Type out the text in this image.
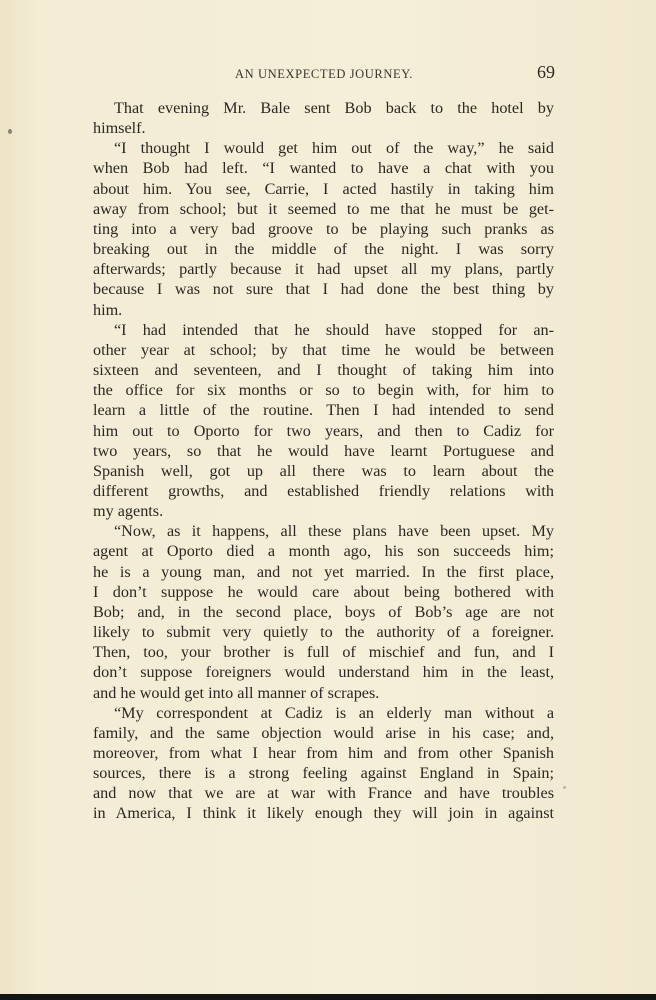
AN UNEXPECTED JOURNEY.	69
That evening Mr. Bale sent Bob back to the hotel by
himself.
“I thought I would get him out of the way,” he said
when Bob had left. “I wanted to have a chat with you
about him. You see, Carrie, I acted hastily in taking him
away from school; but it seemed to me that he must be get-
ting into a very bad groove to be playing such pranks as
breaking out in the middle of the night. I was sorry
afterwards; partly because it had upset all my plans, partly
because I was not sure that I had done the best thing by
him.
“I had intended that he should have stopped for an-
other year at school; by that time he would be between
sixteen and seventeen, and I thought of taking him into
the office for six months or so to begin with, for him to
learn a little of the routine. Then I had intended to send
him out to Oporto for two years, and then to Cadiz for
two years, so that he would have learnt Portuguese and
Spanish well, got up all there was to learn about the
different growths, and established friendly relations with
my agents.
“Now, as it happens, all these plans have been upset. My
agent at Oporto died a month ago, his son succeeds him;
he is a young man, and not yet married. In the first place,
I don’t suppose he would care about being bothered with
Bob; and, in the second place, boys of Bob’s age are not
likely to submit very quietly to the authority of a foreigner.
Then, too, your brother is full of mischief and fun, and I
don’t suppose foreigners would understand him in the least,
and he would get into all manner of scrapes.
“My correspondent at Cadiz is an elderly man without a
family, and the same objection would arise in his case; and,
moreover, from what I hear from him and from other Spanish
sources, there is a strong feeling against England in Spain;
and now that we are at war with France and have troubles
in America, I think it likely enough they will join in against
